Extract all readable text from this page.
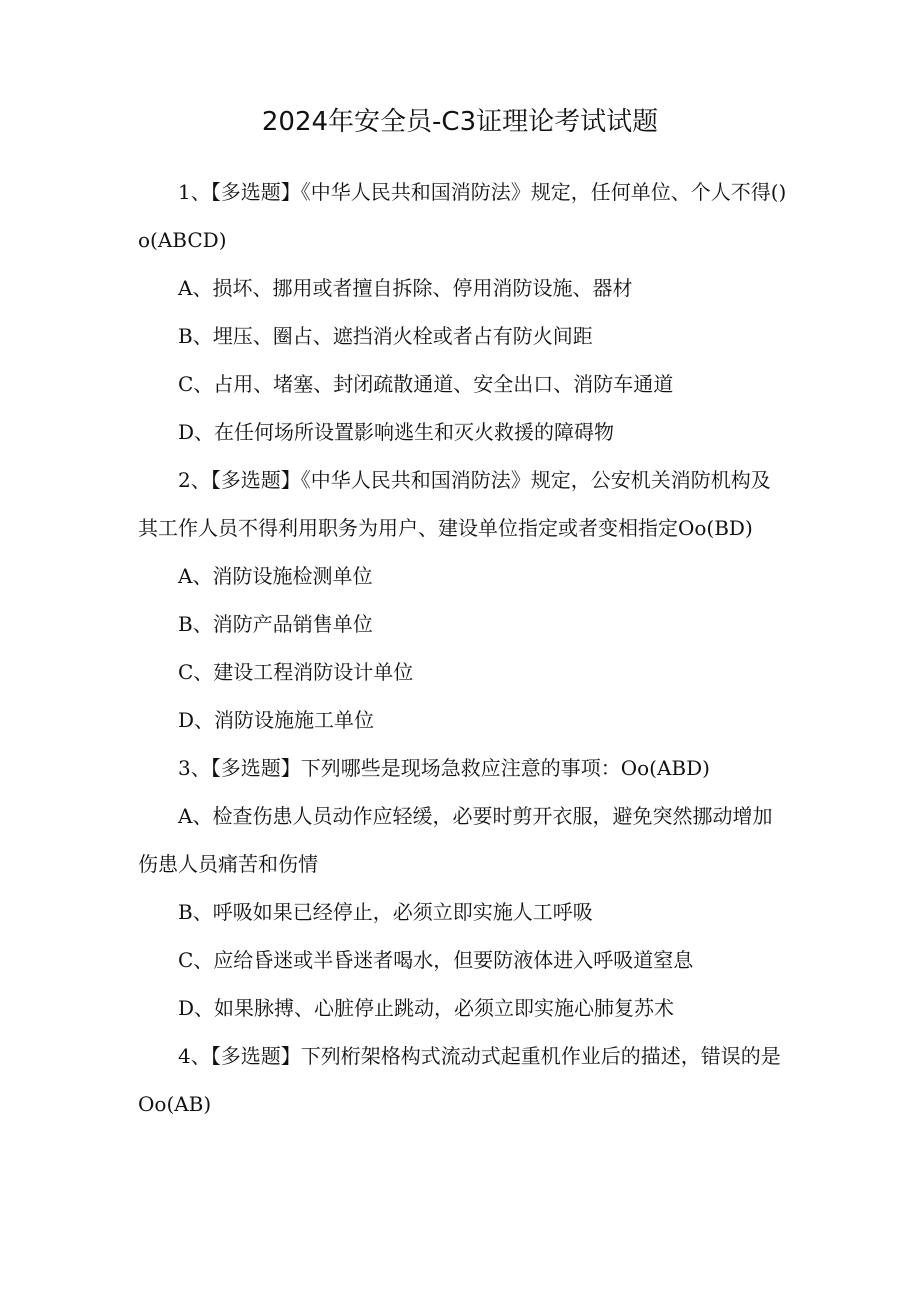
2024年安全员-C3证理论考试试题

1、【多选题】《中华人民共和国消防法》规定，任何单位、个人不得()o(ABCD)

A、损坏、挪用或者擅自拆除、停用消防设施、器材

B、埋压、圈占、遮挡消火栓或者占有防火间距

C、占用、堵塞、封闭疏散通道、安全出口、消防车通道

D、在任何场所设置影响逃生和灭火救援的障碍物

2、【多选题】《中华人民共和国消防法》规定，公安机关消防机构及其工作人员不得利用职务为用户、建设单位指定或者变相指定Oo(BD)

A、消防设施检测单位

B、消防产品销售单位

C、建设工程消防设计单位

D、消防设施施工单位

3、【多选题】下列哪些是现场急救应注意的事项：Oo(ABD)

A、检查伤患人员动作应轻缓，必要时剪开衣服，避免突然挪动增加伤患人员痛苦和伤情

B、呼吸如果已经停止，必须立即实施人工呼吸

C、应给昏迷或半昏迷者喝水，但要防液体进入呼吸道窒息

D、如果脉搏、心脏停止跳动，必须立即实施心肺复苏术

4、【多选题】下列桁架格构式流动式起重机作业后的描述，错误的是Oo(AB)
